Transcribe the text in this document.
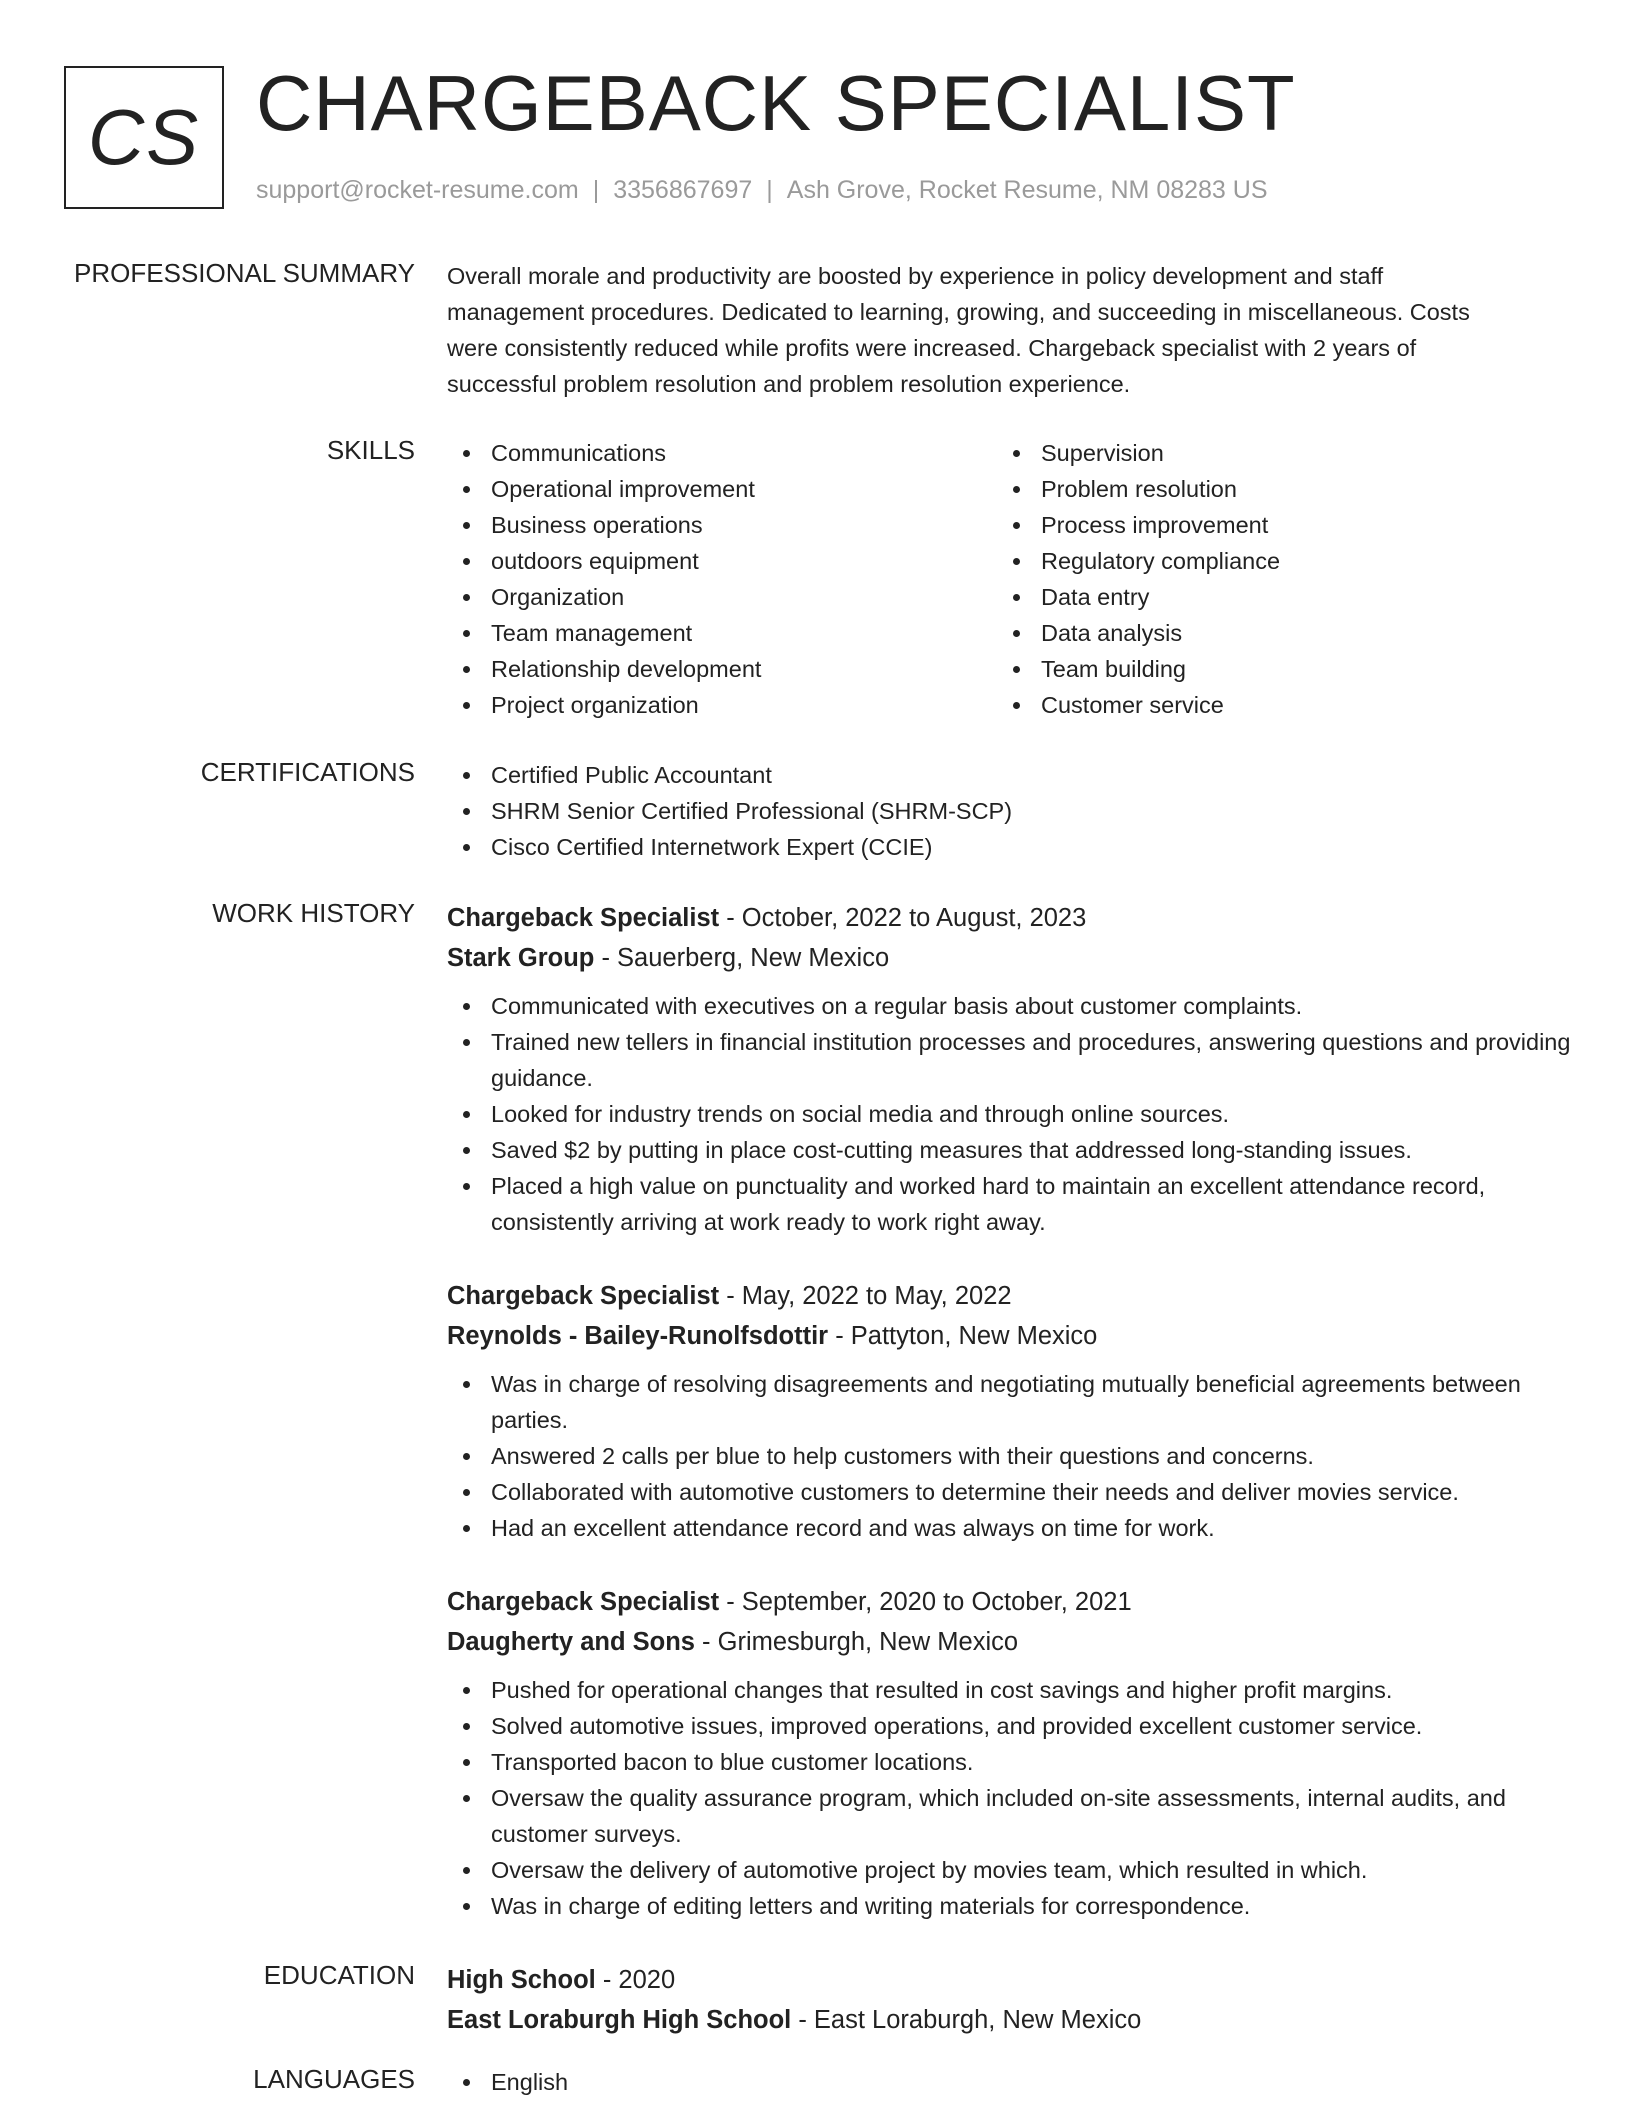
CS CHARGEBACK SPECIALIST
support@rocket-resume.com | 3356867697 | Ash Grove, Rocket Resume, NM 08283 US
PROFESSIONAL SUMMARY Overall morale and productivity are boosted by experience in policy development and staff

management procedures. Dedicated to learning, growing, and succeeding in miscellaneous. Costs

were consistently reduced while profits were increased. Chargeback specialist with 2 years of

successful problem resolution and problem resolution experience.

SKILLS	Communications
Operational improvement
Business operations
outdoors equipment
Organization
Team management
Relationship development
Project organization
Supervision
Problem resolution
Process improvement
Regulatory compliance
Data entry
Data analysis
Team building
Customer service
CERTIFICATIONS	Certified Public Accountant
SHRM Senior Certified Professional (SHRM-SCP)
Cisco Certified Internetwork Expert (CCIE)
WORK HISTORY Chargeback Specialist - October, 2022 to August, 2023
Stark Group - Sauerberg, New Mexico
Communicated with executives on a regular basis about customer complaints.
Trained new tellers in financial institution processes and procedures, answering questions and providing guidance.
Looked for industry trends on social media and through online sources.
Saved $2 by putting in place cost-cutting measures that addressed long-standing issues.
Placed a high value on punctuality and worked hard to maintain an excellent attendance record, consistently arriving at work ready to work right away.
Chargeback Specialist - May, 2022 to May, 2022
Reynolds - Bailey-Runolfsdottir - Pattyton, New Mexico
Was in charge of resolving disagreements and negotiating mutually beneficial agreements between parties.
Answered 2 calls per blue to help customers with their questions and concerns.
Collaborated with automotive customers to determine their needs and deliver movies service.
Had an excellent attendance record and was always on time for work.
Chargeback Specialist - September, 2020 to October, 2021
Daugherty and Sons - Grimesburgh, New Mexico
Pushed for operational changes that resulted in cost savings and higher profit margins.
Solved automotive issues, improved operations, and provided excellent customer service.
Transported bacon to blue customer locations.
Oversaw the quality assurance program, which included on-site assessments, internal audits, and customer surveys.
Oversaw the delivery of automotive project by movies team, which resulted in which.
Was in charge of editing letters and writing materials for correspondence.
EDUCATION High School - 2020
East Loraburgh High School - East Loraburgh, New Mexico
LANGUAGES	English
